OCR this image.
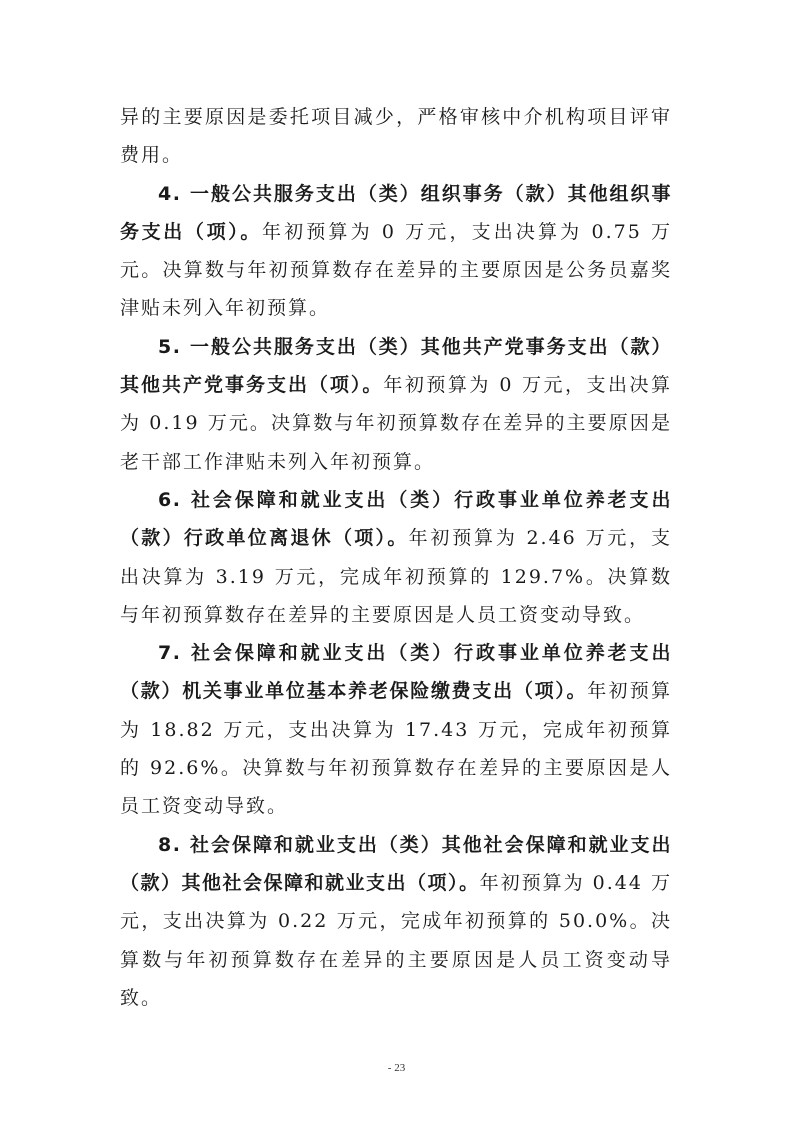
异的主要原因是委托项目减少，严格审核中介机构项目评审费用。

4. 一般公共服务支出（类）组织事务（款）其他组织事务支出（项）。年初预算为 0 万元，支出决算为 0.75 万元。决算数与年初预算数存在差异的主要原因是公务员嘉奖津贴未列入年初预算。

5. 一般公共服务支出（类）其他共产党事务支出（款）其他共产党事务支出（项）。年初预算为 0 万元，支出决算为 0.19 万元。决算数与年初预算数存在差异的主要原因是老干部工作津贴未列入年初预算。

6. 社会保障和就业支出（类）行政事业单位养老支出（款）行政单位离退休（项）。年初预算为 2.46 万元，支出决算为 3.19 万元，完成年初预算的 129.7%。决算数与年初预算数存在差异的主要原因是人员工资变动导致。

7. 社会保障和就业支出（类）行政事业单位养老支出（款）机关事业单位基本养老保险缴费支出（项）。年初预算为 18.82 万元，支出决算为 17.43 万元，完成年初预算的 92.6%。决算数与年初预算数存在差异的主要原因是人员工资变动导致。

8. 社会保障和就业支出（类）其他社会保障和就业支出（款）其他社会保障和就业支出（项）。年初预算为 0.44 万元，支出决算为 0.22 万元，完成年初预算的 50.0%。决算数与年初预算数存在差异的主要原因是人员工资变动导致。

- 23
